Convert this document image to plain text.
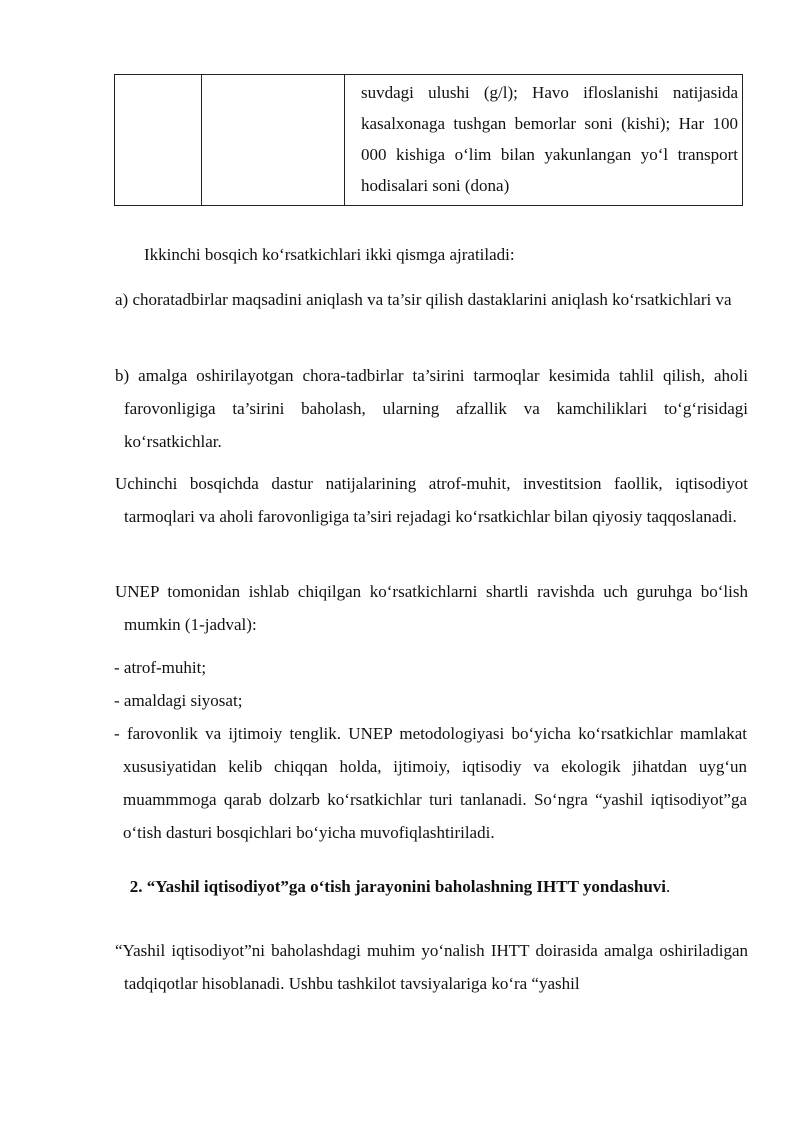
		suvdagi ulushi (g/l); Havo ifloslanishi natijasida kasalxonaga tushgan bemorlar soni (kishi); Har 100 000 kishiga o‘lim bilan yakunlangan yo‘l transport hodisalari soni (dona)
Ikkinchi bosqich ko‘rsatkichlari ikki qismga ajratiladi:
a) choratadbirlar maqsadini aniqlash va ta’sir qilish dastaklarini aniqlash ko‘rsatkichlari va
b) amalga oshirilayotgan chora-tadbirlar ta’sirini tarmoqlar kesimida tahlil qilish, aholi farovonligiga ta’sirini baholash, ularning afzallik va kamchiliklari to‘g‘risidagi ko‘rsatkichlar.
Uchinchi bosqichda dastur natijalarining atrof-muhit, investitsion faollik, iqtisodiyot tarmoqlari va aholi farovonligiga ta’siri rejadagi ko‘rsatkichlar bilan qiyosiy taqqoslanadi.
UNEP tomonidan ishlab chiqilgan ko‘rsatkichlarni shartli ravishda uch guruhga bo‘lish mumkin (1-jadval):
- atrof-muhit;
- amaldagi siyosat;
- farovonlik va ijtimoiy tenglik. UNEP metodologiyasi bo‘yicha ko‘rsatkichlar mamlakat xususiyatidan kelib chiqqan holda, ijtimoiy, iqtisodiy va ekologik jihatdan uyg‘un muammmoga qarab dolzarb ko‘rsatkichlar turi tanlanadi. So‘ngra “yashil iqtisodiyot”ga o‘tish dasturi bosqichlari bo‘yicha muvofiqlashtiriladi.
2. “Yashil iqtisodiyot”ga o‘tish jarayonini baholashning IHTT yondashuvi.
“Yashil iqtisodiyot”ni baholashdagi muhim yo‘nalish IHTT doirasida amalga oshiriladigan tadqiqotlar hisoblanadi. Ushbu tashkilot tavsiyalariga ko‘ra “yashil
